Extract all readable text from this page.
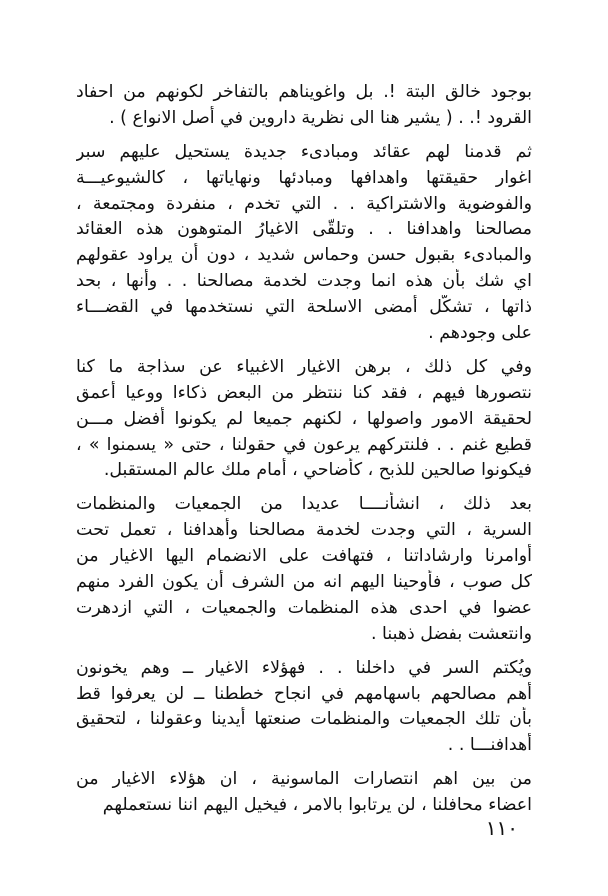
بوجود خالق البتة !. بل واغويناهم بالتفاخر لكونهم من احفاد
القرود !. . ( يشير هنا الى نظرية داروين في أصل الانواع ) .
ثم قدمنا لهم عقائد ومبادىء جديدة يستحيل عليهم سبر
اغوار حقيقتها واهدافها ومبادئها ونهاياتها ، كالشيوعيـــة
والفوضوية والاشتراكية . . التي تخدم ، منفردة ومجتمعة ،
مصالحنا واهدافنا . . وتلقّى الاغيارُ المتوهون هذه العقائد
والمبادىء بقبول حسن وحماس شديد ، دون أن يراود عقولهم
اي شك بأن هذه انما وجدت لخدمة مصالحنا . . وأنها ، بحد
ذاتها ، تشكّل أمضى الاسلحة التي نستخدمها في القضـــاء
على وجودهم .
وفي كل ذلك ، برهن الاغيار الاغبياء عن سذاجة ما كنا
نتصورها فيهم ، فقد كنا ننتظر من البعض ذكاءا ووعيا أعمق
لحقيقة الامور واصولها ، لكنهم جميعا لم يكونوا أفضل مـــن
قطيع غنم . . فلنتركهم يرعون في حقولنا ، حتى « يسمنوا » ،
فيكونوا صالحين للذبح ، كأضاحي ، أمام ملك عالم المستقبل.
بعد ذلك ، انشأنــــا عديدا من الجمعيات والمنظمات
السرية ، التي وجدت لخدمة مصالحنا وأهدافنا ، تعمل تحت
أوامرنا وارشاداتنا ، فتهافت على الانضمام اليها الاغيار من
كل صوب ، فأوحينا اليهم انه من الشرف أن يكون الفرد منهم
عضوا في احدى هذه المنظمات والجمعيات ، التي ازدهرت
وانتعشت بفضل ذهبنا .
ويُكتم السر في داخلنا . . فهؤلاء الاغيار ــ وهم يخونون
أهم مصالحهم باسهامهم في انجاح خططنا ــ لن يعرفوا قط
بأن تلك الجمعيات والمنظمات صنعتها أيدينا وعقولنا ، لتحقيق
أهدافنـــا . .
من بين اهم انتصارات الماسونية ، ان هؤلاء الاغيار من
اعضاء محافلنا ، لن يرتابوا بالامر ، فيخيل اليهم اننا نستعملهم
١١٠
